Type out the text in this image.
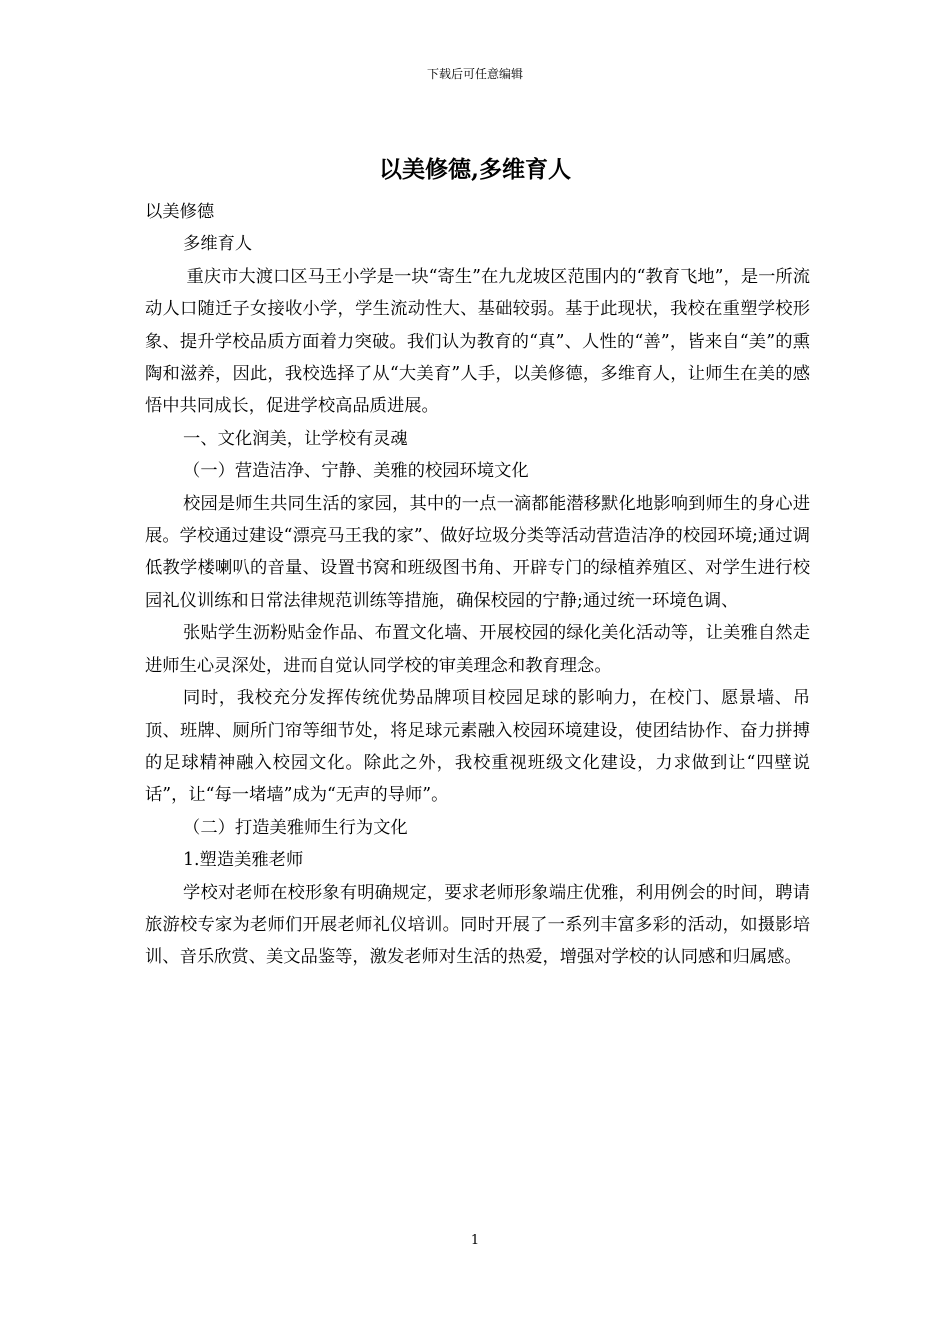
下载后可任意编辑
以美修德,多维育人

以美修德

多维育人

重庆市大渡口区马王小学是一块“寄生”在九龙坡区范围内的“教育飞地”，是一所流动人口随迁子女接收小学，学生流动性大、基础较弱。基于此现状，我校在重塑学校形象、提升学校品质方面着力突破。我们认为教育的“真”、人性的“善”，皆来自“美”的熏陶和滋养，因此，我校选择了从“大美育”人手，以美修德，多维育人，让师生在美的感悟中共同成长，促进学校高品质进展。

一、文化润美，让学校有灵魂

（一）营造洁净、宁静、美雅的校园环境文化

校园是师生共同生活的家园，其中的一点一滴都能潜移默化地影响到师生的身心进展。学校通过建设“漂亮马王我的家”、做好垃圾分类等活动营造洁净的校园环境;通过调低教学楼喇叭的音量、设置书窝和班级图书角、开辟专门的绿植养殖区、对学生进行校园礼仪训练和日常法律规范训练等措施，确保校园的宁静;通过统一环境色调、

张贴学生沥粉贴金作品、布置文化墙、开展校园的绿化美化活动等，让美雅自然走进师生心灵深处，进而自觉认同学校的审美理念和教育理念。

同时，我校充分发挥传统优势品牌项目校园足球的影响力，在校门、愿景墙、吊顶、班牌、厕所门帘等细节处，将足球元素融入校园环境建设，使团结协作、奋力拼搏的足球精神融入校园文化。除此之外，我校重视班级文化建设，力求做到让“四壁说话”，让“每一堵墙”成为“无声的导师”。

（二）打造美雅师生行为文化

1.塑造美雅老师

学校对老师在校形象有明确规定，要求老师形象端庄优雅，利用例会的时间，聘请旅游校专家为老师们开展老师礼仪培训。同时开展了一系列丰富多彩的活动，如摄影培训、音乐欣赏、美文品鉴等，激发老师对生活的热爱，增强对学校的认同感和归属感。

1
